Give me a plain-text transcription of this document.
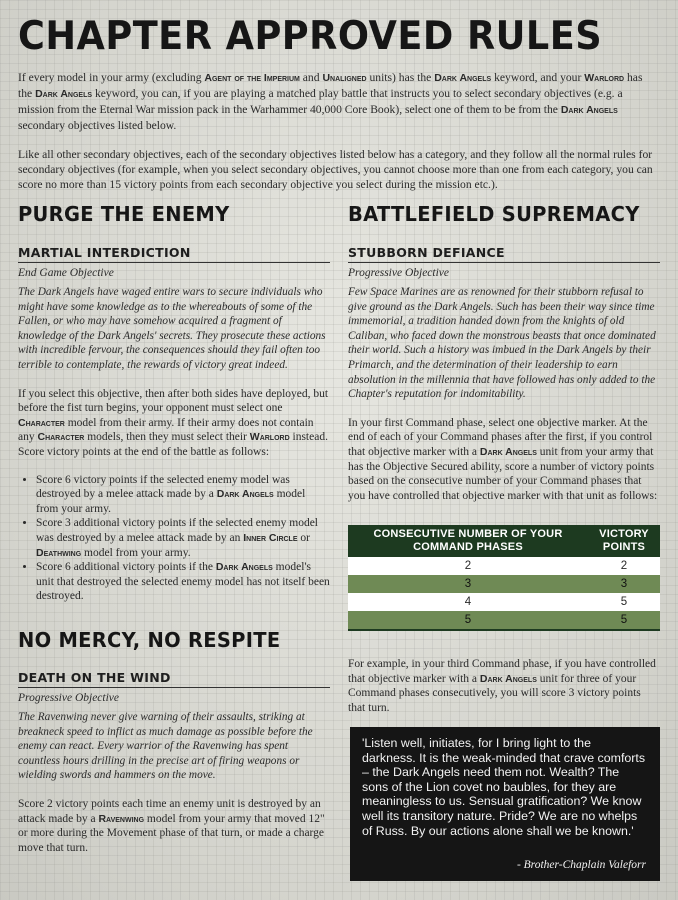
CHAPTER APPROVED RULES

If every model in your army (excluding Agent of the Imperium and Unaligned units) has the Dark Angels keyword, and your Warlord has the Dark Angels keyword, you can, if you are playing a matched play battle that instructs you to select secondary objectives (e.g. a mission from the Eternal War mission pack in the Warhammer 40,000 Core Book), select one of them to be from the Dark Angels secondary objectives listed below.

Like all other secondary objectives, each of the secondary objectives listed below has a category, and they follow all the normal rules for secondary objectives (for example, when you select secondary objectives, you cannot choose more than one from each category, you can score no more than 15 victory points from each secondary objective you select during the mission etc.).

PURGE THE ENEMY
MARTIAL INTERDICTION

End Game Objective

The Dark Angels have waged entire wars to secure individuals who might have some knowledge as to the whereabouts of some of the Fallen, or who may have somehow acquired a fragment of knowledge of the Dark Angels' secrets. They prosecute these actions with incredible fervour, the consequences should they fail often too terrible to contemplate, the rewards of victory great indeed.

If you select this objective, then after both sides have deployed, but before the fist turn begins, your opponent must select one Character model from their army. If their army does not contain any Character models, then they must select their Warlord instead. Score victory points at the end of the battle as follows:

• Score 6 victory points if the selected enemy model was destroyed by a melee attack made by a Dark Angels model from your army.
• Score 3 additional victory points if the selected enemy model was destroyed by a melee attack made by an Inner Circle or Deathwing model from your army.
• Score 6 additional victory points if the Dark Angels model's unit that destroyed the selected enemy model has not itself been destroyed.
NO MERCY, NO RESPITE
DEATH ON THE WIND

Progressive Objective

The Ravenwing never give warning of their assaults, striking at breakneck speed to inflict as much damage as possible before the enemy can react. Every warrior of the Ravenwing has spent countless hours drilling in the precise art of firing weapons or wielding swords and hammers on the move.

Score 2 victory points each time an enemy unit is destroyed by an attack made by a Ravenwing model from your army that moved 12" or more during the Movement phase of that turn, or made a charge move that turn.

BATTLEFIELD SUPREMACY
STUBBORN DEFIANCE

Progressive Objective

Few Space Marines are as renowned for their stubborn refusal to give ground as the Dark Angels. Such has been their way since time immemorial, a tradition handed down from the knights of old Caliban, who faced down the monstrous beasts that once dominated their world. Such a history was imbued in the Dark Angels by their Primarch, and the determination of their leadership to earn absolution in the millennia that have followed has only added to the Chapter's reputation for indomitability.

In your first Command phase, select one objective marker. At the end of each of your Command phases after the first, if you control that objective marker with a Dark Angels unit from your army that has the Objective Secured ability, score a number of victory points based on the consecutive number of your Command phases that you have controlled that objective marker with that unit as follows:

CONSECUTIVE NUMBER OF YOUR COMMAND PHASES	VICTORY POINTS
2	2
3	3
4	5
5	5

For example, in your third Command phase, if you have controlled that objective marker with a Dark Angels unit for three of your Command phases consecutively, you will score 3 victory points that turn.

'Listen well, initiates, for I bring light to the darkness. It is the weak-minded that crave comforts – the Dark Angels need them not. Wealth? The sons of the Lion covet no baubles, for they are meaningless to us. Sensual gratification? We know well its transitory nature. Pride? We are no whelps of Russ. By our actions alone shall we be known.'

- Brother-Chaplain Valeforr
